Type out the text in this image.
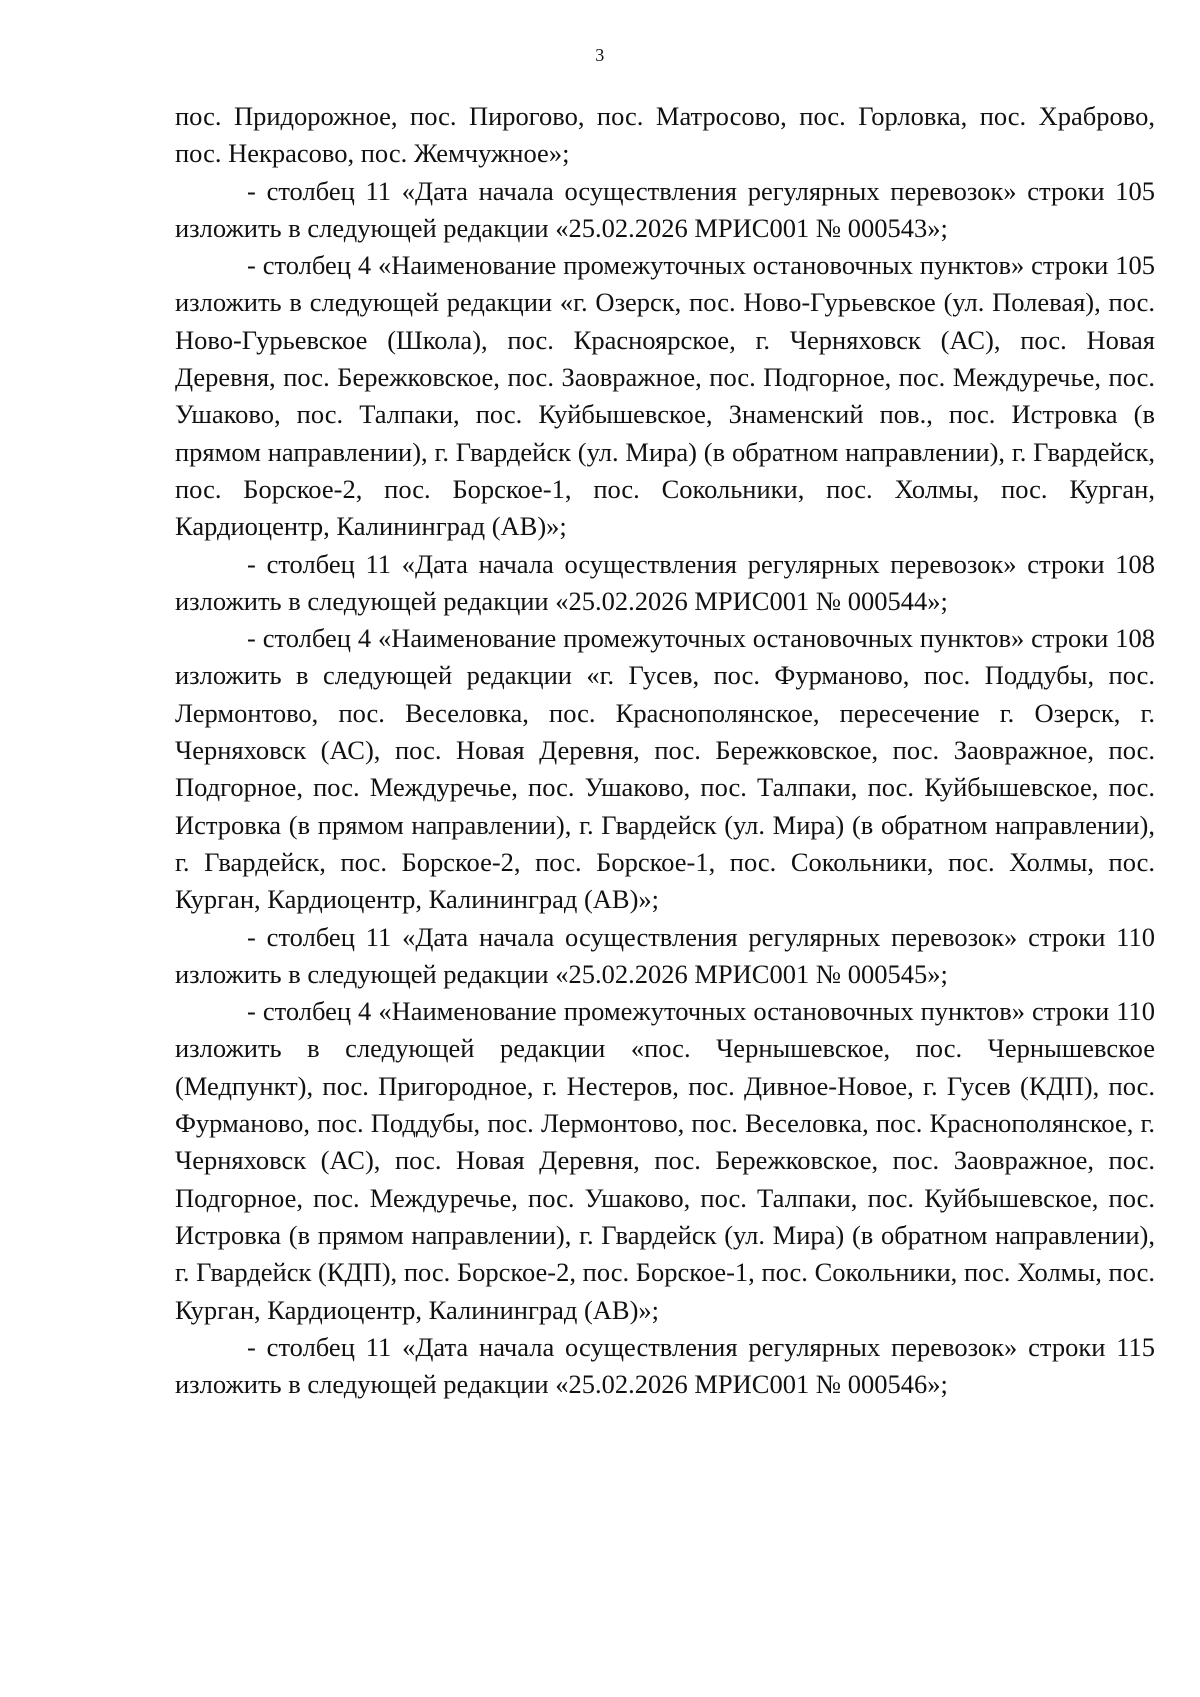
3

пос. Придорожное, пос. Пирогово, пос. Матросово, пос. Горловка, пос. Храброво, пос. Некрасово, пос. Жемчужное»;

- столбец 11 «Дата начала осуществления регулярных перевозок» строки 105 изложить в следующей редакции «25.02.2026 МРИС001 № 000543»;

- столбец 4 «Наименование промежуточных остановочных пунктов» строки 105 изложить в следующей редакции «г. Озерск, пос. Ново-Гурьевское (ул. Полевая), пос. Ново-Гурьевское (Школа), пос. Красноярское, г. Черняховск (АС), пос. Новая Деревня, пос. Бережковское, пос. Заовражное, пос. Подгорное, пос. Междуречье, пос. Ушаково, пос. Талпаки, пос. Куйбышевское, Знаменский пов., пос. Истровка (в прямом направлении), г. Гвардейск (ул. Мира) (в обратном направлении), г. Гвардейск, пос. Борское-2, пос. Борское-1, пос. Сокольники, пос. Холмы, пос. Курган, Кардиоцентр, Калининград (АВ)»;

- столбец 11 «Дата начала осуществления регулярных перевозок» строки 108 изложить в следующей редакции «25.02.2026 МРИС001 № 000544»;

- столбец 4 «Наименование промежуточных остановочных пунктов» строки 108 изложить в следующей редакции «г. Гусев, пос. Фурманово, пос. Поддубы, пос. Лермонтово, пос. Веселовка, пос. Краснополянское, пересечение г. Озерск, г. Черняховск (АС), пос. Новая Деревня, пос. Бережковское, пос. Заовражное, пос. Подгорное, пос. Междуречье, пос. Ушаково, пос. Талпаки, пос. Куйбышевское, пос. Истровка (в прямом направлении), г. Гвардейск (ул. Мира) (в обратном направлении), г. Гвардейск, пос. Борское-2, пос. Борское-1, пос. Сокольники, пос. Холмы, пос. Курган, Кардиоцентр, Калининград (АВ)»;

- столбец 11 «Дата начала осуществления регулярных перевозок» строки 110 изложить в следующей редакции «25.02.2026 МРИС001 № 000545»;

- столбец 4 «Наименование промежуточных остановочных пунктов» строки 110 изложить в следующей редакции «пос. Чернышевское, пос. Чернышевское (Медпункт), пос. Пригородное, г. Нестеров, пос. Дивное-Новое, г. Гусев (КДП), пос. Фурманово, пос. Поддубы, пос. Лермонтово, пос. Веселовка, пос. Краснополянское, г. Черняховск (АС), пос. Новая Деревня, пос. Бережковское, пос. Заовражное, пос. Подгорное, пос. Междуречье, пос. Ушаково, пос. Талпаки, пос. Куйбышевское, пос. Истровка (в прямом направлении), г. Гвардейск (ул. Мира) (в обратном направлении), г. Гвардейск (КДП), пос. Борское-2, пос. Борское-1, пос. Сокольники, пос. Холмы, пос. Курган, Кардиоцентр, Калининград (АВ)»;

- столбец 11 «Дата начала осуществления регулярных перевозок» строки 115 изложить в следующей редакции «25.02.2026 МРИС001 № 000546»;
